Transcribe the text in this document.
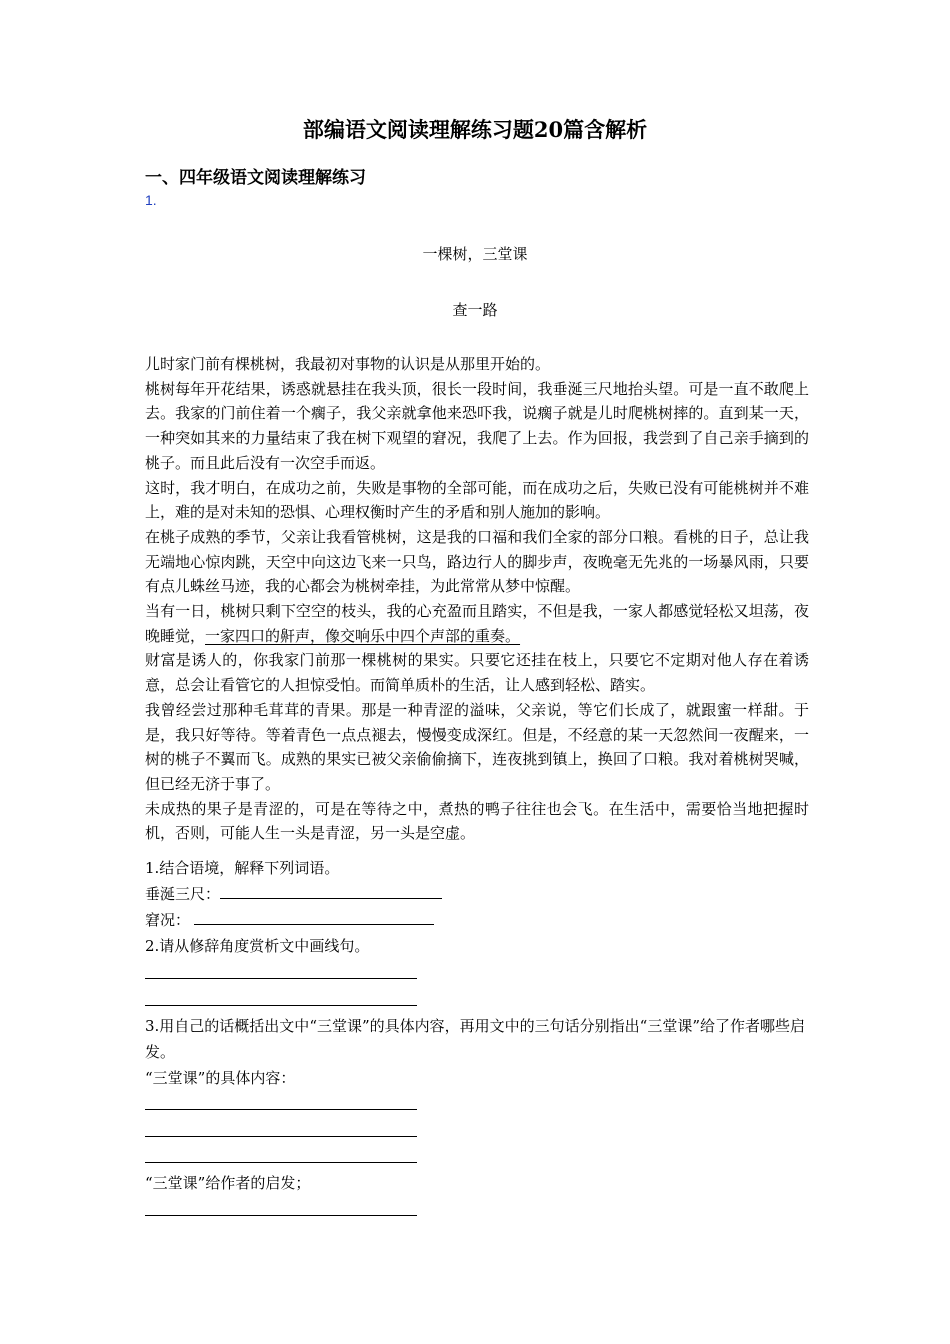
部编语文阅读理解练习题20篇含解析
一、四年级语文阅读理解练习
1.
一棵树，三堂课
查一路

儿时家门前有棵桃树，我最初对事物的认识是从那里开始的。

桃树每年开花结果，诱惑就悬挂在我头顶，很长一段时间，我垂涎三尺地抬头望。可是一直不敢爬上去。我家的门前住着一个瘸子，我父亲就拿他来恐吓我，说瘸子就是儿时爬桃树摔的。直到某一天，一种突如其来的力量结束了我在树下观望的窘况，我爬了上去。作为回报，我尝到了自己亲手摘到的桃子。而且此后没有一次空手而返。

这时，我才明白，在成功之前，失败是事物的全部可能，而在成功之后，失败已没有可能桃树并不难上，难的是对未知的恐惧、心理权衡时产生的矛盾和别人施加的影响。

在桃子成熟的季节，父亲让我看管桃树，这是我的口福和我们全家的部分口粮。看桃的日子，总让我无端地心惊肉跳，天空中向这边飞来一只鸟，路边行人的脚步声，夜晚毫无先兆的一场暴风雨，只要有点儿蛛丝马迹，我的心都会为桃树牵挂，为此常常从梦中惊醒。

当有一日，桃树只剩下空空的枝头，我的心充盈而且踏实，不但是我，一家人都感觉轻松又坦荡，夜晚睡觉，一家四口的鼾声，像交响乐中四个声部的重奏。

财富是诱人的，你我家门前那一棵桃树的果实。只要它还挂在枝上，只要它不定期对他人存在着诱意，总会让看管它的人担惊受怕。而简单质朴的生活，让人感到轻松、踏实。

我曾经尝过那种毛茸茸的青果。那是一种青涩的溢味，父亲说，等它们长成了，就跟蜜一样甜。于是，我只好等待。等着青色一点点褪去，慢慢变成深红。但是，不经意的某一天忽然间一夜醒来，一树的桃子不翼而飞。成熟的果实已被父亲偷偷摘下，连夜挑到镇上，换回了口粮。我对着桃树哭喊，但已经无济于事了。

未成热的果子是青涩的，可是在等待之中，煮热的鸭子往往也会飞。在生活中，需要恰当地把握时机，否则，可能人生一头是青涩，另一头是空虚。

1.结合语境，解释下列词语。
垂涎三尺：
窘况：
2.请从修辞角度赏析文中画线句。
3.用自己的话概括出文中“三堂课”的具体内容，再用文中的三句话分别指出“三堂课”给了作者哪些启发。
“三堂课”的具体内容：
“三堂课”给作者的启发；
